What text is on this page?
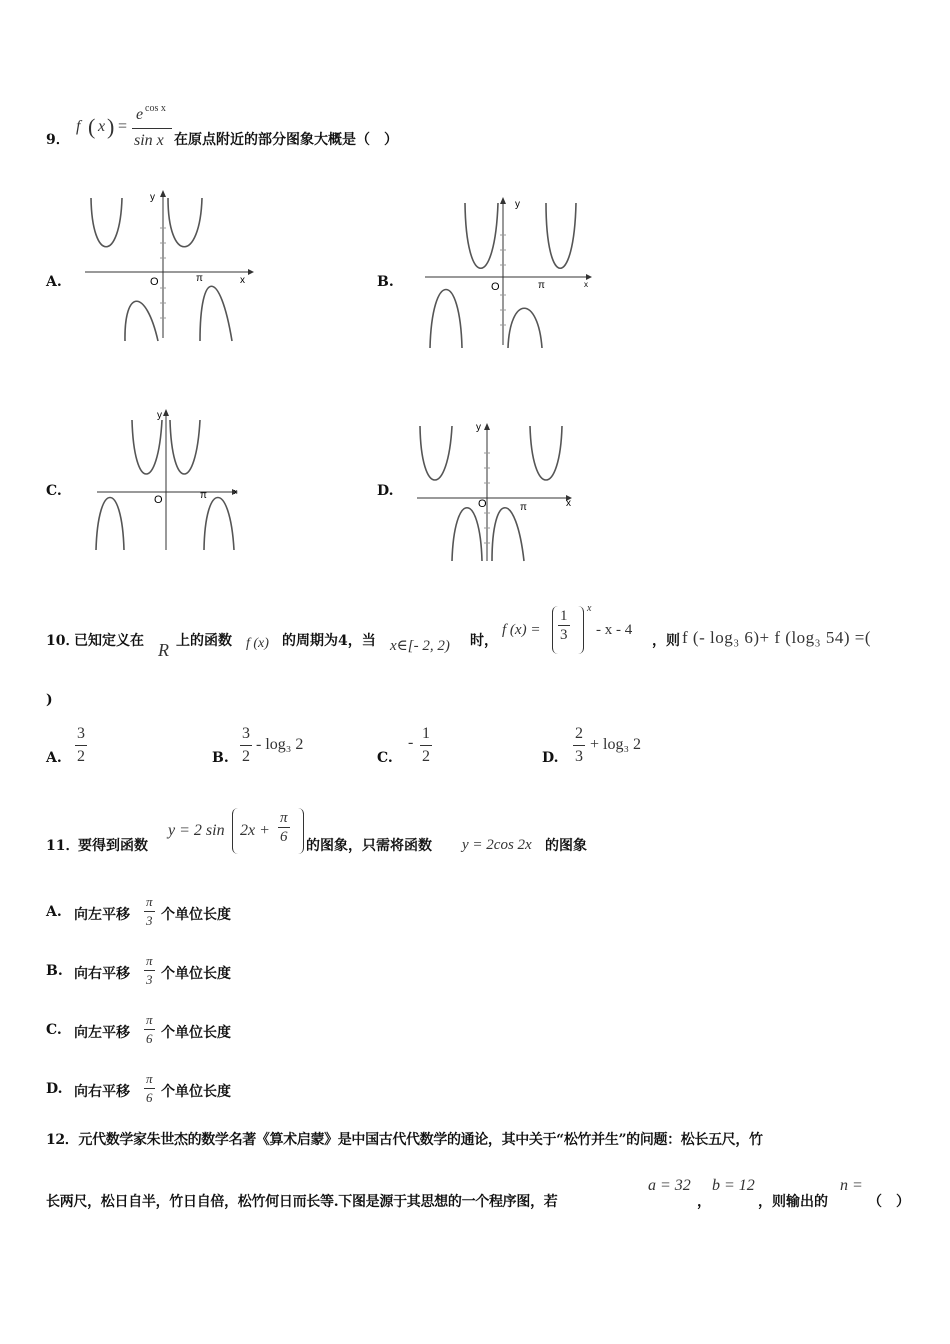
9．
f ( x ) =
e cos x
sin x 在原点附近的部分图象大概是（　）
A.
y
x
O	π	B.
y
x
O	π
C.
y
x
O	π	D.
y
x
O	π
10．
已知定义在 R 上的函数 f (x) 的周期为4，当 x∈[- 2, 2) 时，
f $(x) = \frac{1}{3}$ x
- x - 4
，则 f (- log₃ 6)+ f (log₃ 54) =(
)
A. $\frac{3}{2}$	B. $\frac{3}{2} - \log_3$ 2
C.
- $\frac{1}{2}$	D. $\frac{2}{3} + \log_3$ 2
11．
要得到函数
y = 2 $\sin 2x + \frac{\pi}{6}$ 的图象，只需将函数 y = 2cos 2x 的图象
A. 向左平移 $\frac{\pi}{3}$ 个单位长度
B. 向右平移 $\frac{\pi}{3}$ 个单位长度
C. 向左平移 $\frac{\pi}{6}$ 个单位长度
D. 向右平移 $\frac{\pi}{6}$ 个单位长度
12．元代数学家朱世杰的数学名著《算术启蒙》是中国古代代数学的通论，其中关于“松竹并生”的问题：松长五尺，竹
长两尺，松日自半，竹日自倍，松竹何日而长等.下图是源于其思想的一个程序图，若
a = 32
，
b = 12
，则输出的
n =
（　）
